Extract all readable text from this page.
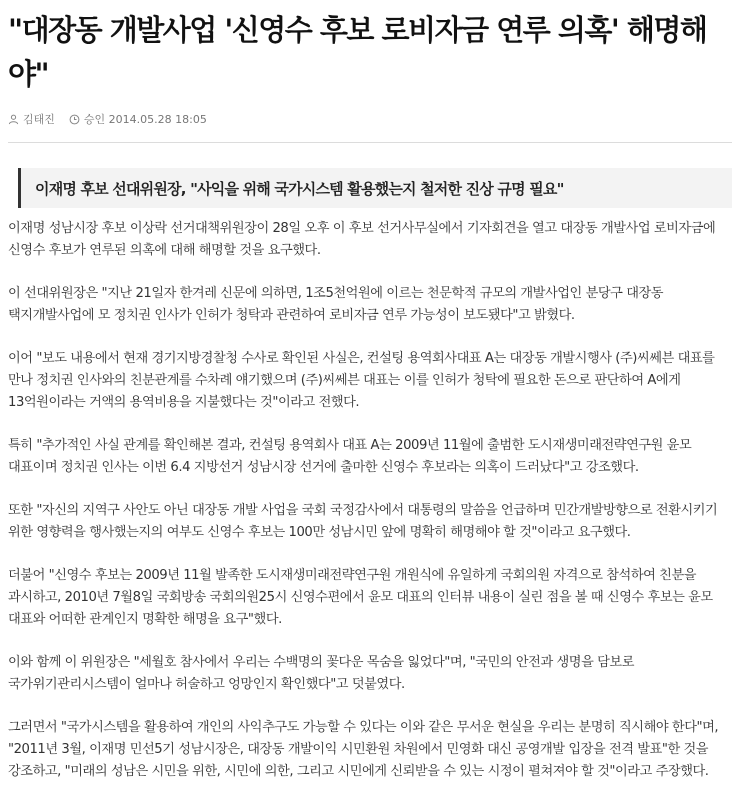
"대장동 개발사업 '신영수 후보 로비자금 연루 의혹' 해명해야"
김태진	승인 2014.05.28 18:05
이재명 후보 선대위원장, "사익을 위해 국가시스템 활용했는지 철저한 진상 규명 필요"

이재명 성남시장 후보 이상락 선거대책위원장이 28일 오후 이 후보 선거사무실에서 기자회견을 열고 대장동 개발사업 로비자금에 신영수 후보가 연루된 의혹에 대해 해명할 것을 요구했다.

이 선대위원장은 "지난 21일자 한겨레 신문에 의하면, 1조5천억원에 이르는 천문학적 규모의 개발사업인 분당구 대장동 택지개발사업에 모 정치권 인사가 인허가 청탁과 관련하여 로비자금 연루 가능성이 보도됐다"고 밝혔다.

이어 "보도 내용에서 현재 경기지방경찰청 수사로 확인된 사실은, 컨설팅 용역회사대표 A는 대장동 개발시행사 (주)씨쎄븐 대표를 만나 정치권 인사와의 친분관계를 수차례 얘기했으며 (주)씨쎄븐 대표는 이를 인허가 청탁에 필요한 돈으로 판단하여 A에게 13억원이라는 거액의 용역비용을 지불했다는 것"이라고 전했다.

특히 "추가적인 사실 관계를 확인해본 결과, 컨설팅 용역회사 대표 A는 2009년 11월에 출범한 도시재생미래전략연구원 윤모 대표이며 정치권 인사는 이번 6.4 지방선거 성남시장 선거에 출마한 신영수 후보라는 의혹이 드러났다"고 강조했다.

또한 "자신의 지역구 사안도 아닌 대장동 개발 사업을 국회 국정감사에서 대통령의 말씀을 언급하며 민간개발방향으로 전환시키기 위한 영향력을 행사했는지의 여부도 신영수 후보는 100만 성남시민 앞에 명확히 해명해야 할 것"이라고 요구했다.

더불어 "신영수 후보는 2009년 11월 발족한 도시재생미래전략연구원 개원식에 유일하게 국회의원 자격으로 참석하여 친분을 과시하고, 2010년 7월8일 국회방송 국회의원25시 신영수편에서 윤모 대표의 인터뷰 내용이 실린 점을 볼 때 신영수 후보는 윤모 대표와 어떠한 관계인지 명확한 해명을 요구"했다.

이와 함께 이 위원장은 "세월호 참사에서 우리는 수백명의 꽃다운 목숨을 잃었다"며, "국민의 안전과 생명을 담보로 국가위기관리시스템이 얼마나 허술하고 엉망인지 확인했다"고 덧붙였다.

그러면서 "국가시스템을 활용하여 개인의 사익추구도 가능할 수 있다는 이와 같은 무서운 현실을 우리는 분명히 직시해야 한다"며, "2011년 3월, 이재명 민선5기 성남시장은, 대장동 개발이익 시민환원 차원에서 민영화 대신 공영개발 입장을 전격 발표"한 것을 강조하고, "미래의 성남은 시민을 위한, 시민에 의한, 그리고 시민에게 신뢰받을 수 있는 시정이 펼쳐져야 할 것"이라고 주장했다.
